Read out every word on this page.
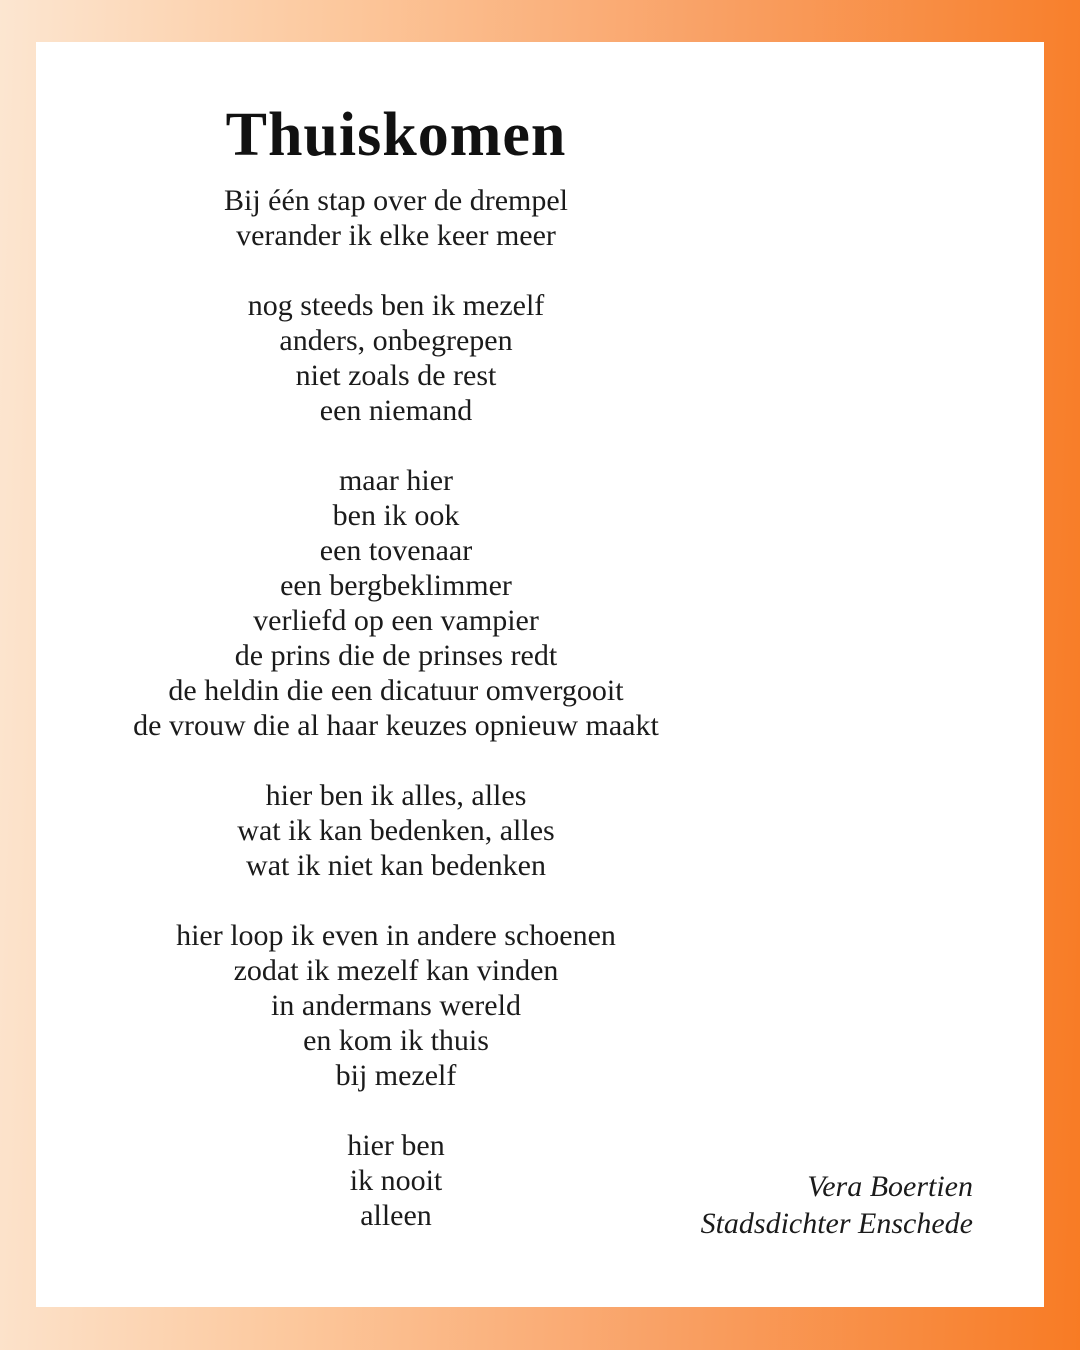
Thuiskomen
Bij één stap over de drempel
verander ik elke keer meer
nog steeds ben ik mezelf
anders, onbegrepen
niet zoals de rest
een niemand
maar hier
ben ik ook
een tovenaar
een bergbeklimmer
verliefd op een vampier
de prins die de prinses redt
de heldin die een dicatuur omvergooit
de vrouw die al haar keuzes opnieuw maakt
hier ben ik alles, alles
wat ik kan bedenken, alles
wat ik niet kan bedenken
hier loop ik even in andere schoenen
zodat ik mezelf kan vinden
in andermans wereld
en kom ik thuis
bij mezelf
hier ben
ik nooit
alleen
Vera Boertien
Stadsdichter Enschede
